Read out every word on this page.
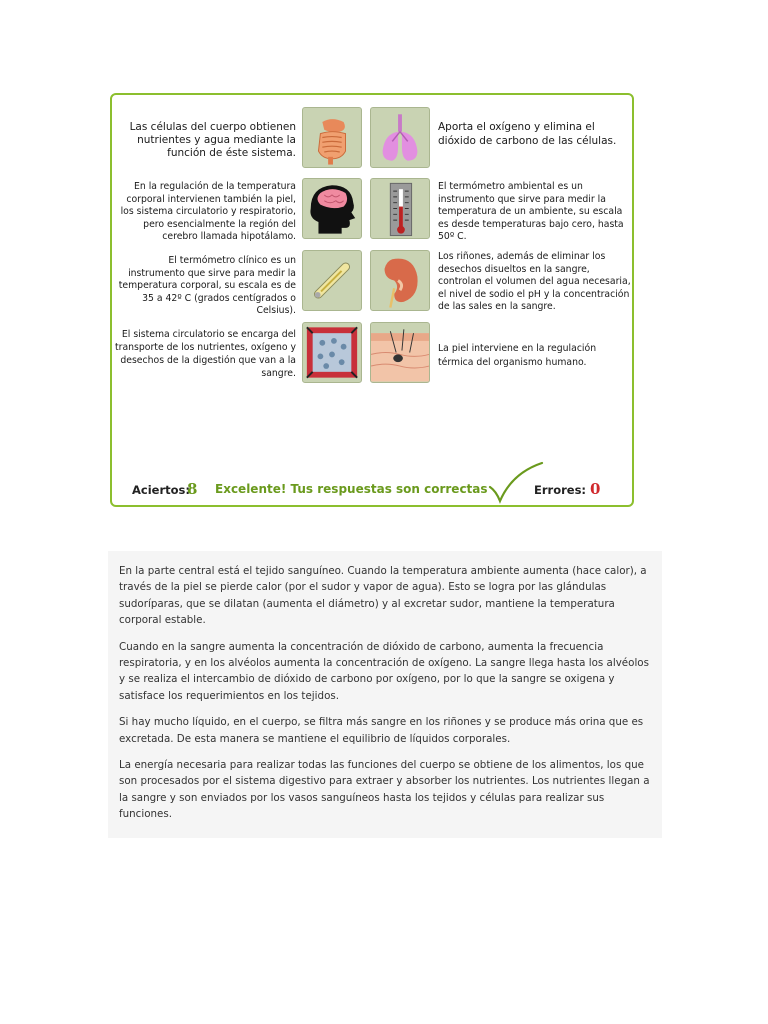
Las células del cuerpo obtienen nutrientes y agua mediante la función de éste sistema.
Aporta el oxígeno y elimina el dióxido de carbono de las células.
En la regulación de la temperatura corporal intervienen también la piel, los sistema circulatorio y respiratorio, pero esencialmente la región del cerebro llamada hipotálamo.
El termómetro ambiental es un instrumento que sirve para medir la temperatura de un ambiente, su escala es desde temperaturas bajo cero, hasta 50º C.
El termómetro clínico es un instrumento que sirve para medir la temperatura corporal, su escala es de 35 a 42º C (grados centígrados o Celsius).
Los riñones, además de eliminar los desechos disueltos en la sangre, controlan el volumen del agua necesaria, el nivel de sodio el pH y la concentración de las sales en la sangre.
El sistema circulatorio se encarga del transporte de los nutrientes, oxígeno y desechos de la digestión que van a la sangre.
La piel interviene en la regulación térmica del organismo humano.
Aciertos:
8 Excelente! Tus respuestas son correctas	Errores: 0

En la parte central está el tejido sanguíneo. Cuando la temperatura ambiente aumenta (hace calor), a través de la piel se pierde calor (por el sudor y vapor de agua). Esto se logra por las glándulas sudoríparas, que se dilatan (aumenta el diámetro) y al excretar sudor, mantiene la temperatura corporal estable.

Cuando en la sangre aumenta la concentración de dióxido de carbono, aumenta la frecuencia respiratoria, y en los alvéolos aumenta la concentración de oxígeno. La sangre llega hasta los alvéolos y se realiza el intercambio de dióxido de carbono por oxígeno, por lo que la sangre se oxigena y satisface los requerimientos en los tejidos.

Si hay mucho líquido, en el cuerpo, se filtra más sangre en los riñones y se produce más orina que es excretada. De esta manera se mantiene el equilibrio de líquidos corporales.

La energía necesaria para realizar todas las funciones del cuerpo se obtiene de los alimentos, los que son procesados por el sistema digestivo para extraer y absorber los nutrientes. Los nutrientes llegan a la sangre y son enviados por los vasos sanguíneos hasta los tejidos y células para realizar sus funciones.
